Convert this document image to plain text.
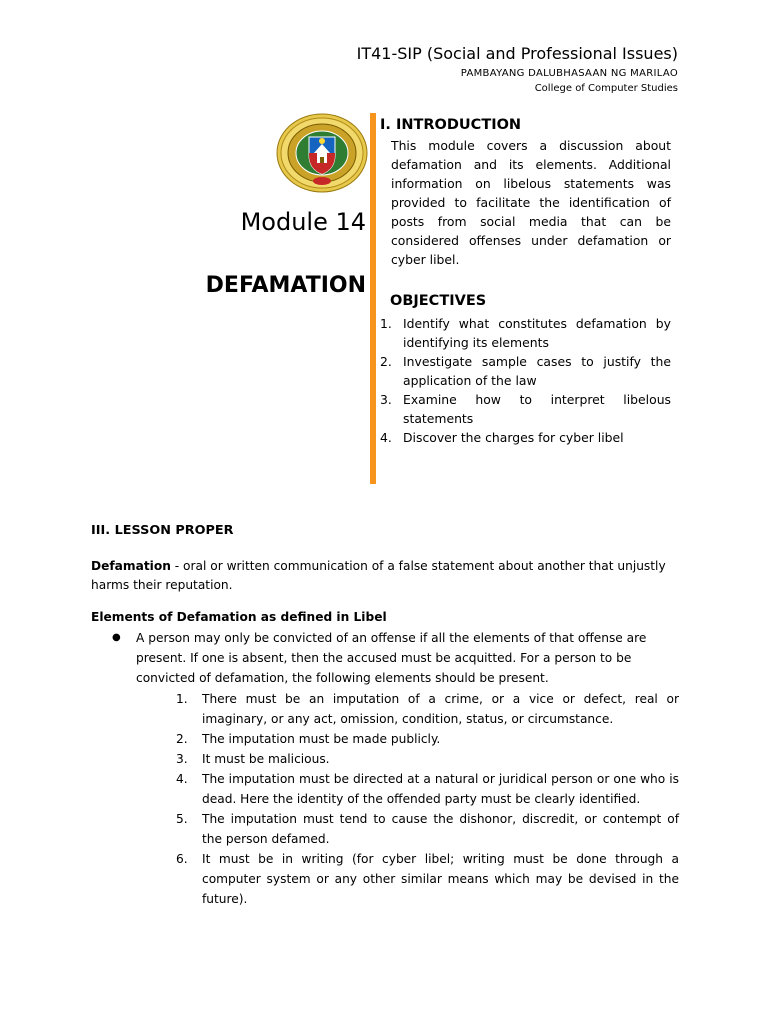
IT41-SIP (Social and Professional Issues)
PAMBAYANG DALUBHASAAN NG MARILAO
College of Computer Studies
Module 14
DEFAMATION
I. INTRODUCTION
This module covers a discussion about defamation and its elements. Additional information on libelous statements was provided to facilitate the identification of posts from social media that can be considered offenses under defamation or cyber libel.
OBJECTIVES
1. Identify what constitutes defamation by identifying its elements
2. Investigate sample cases to justify the application of the law
3. Examine how to interpret libelous statements
4. Discover the charges for cyber libel
III. LESSON PROPER
Defamation - oral or written communication of a false statement about another that unjustly harms their reputation.
Elements of Defamation as defined in Libel
●	A person may only be convicted of an offense if all the elements of that offense are present. If one is absent, then the accused must be acquitted. For a person to be convicted of defamation, the following elements should be present.
1.	There must be an imputation of a crime, or a vice or defect, real or imaginary, or any act, omission, condition, status, or circumstance.
2.	The imputation must be made publicly.
3.	It must be malicious.
4.	The imputation must be directed at a natural or juridical person or one who is dead. Here the identity of the offended party must be clearly identified.
5.	The imputation must tend to cause the dishonor, discredit, or contempt of the person defamed.
6.	It must be in writing (for cyber libel; writing must be done through a computer system or any other similar means which may be devised in the future).
